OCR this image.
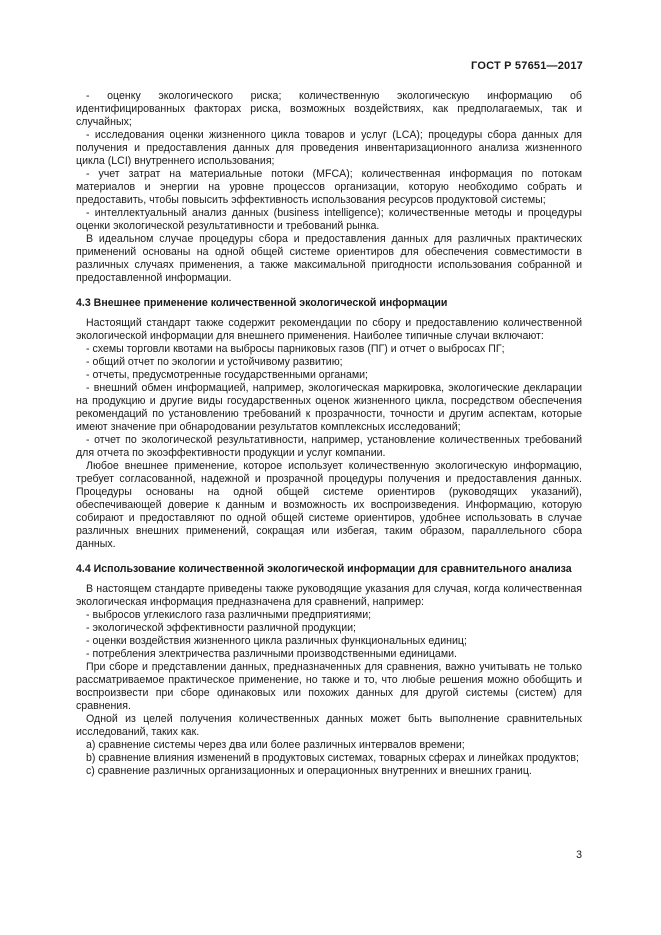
ГОСТ Р 57651—2017

- оценку экологического риска; количественную экологическую информацию об идентифицированных факторах риска, возможных воздействиях, как предполагаемых, так и случайных;

- исследования оценки жизненного цикла товаров и услуг (LCA); процедуры сбора данных для получения и предоставления данных для проведения инвентаризационного анализа жизненного цикла (LCI) внутреннего использования;

- учет затрат на материальные потоки (MFCA); количественная информация по потокам материалов и энергии на уровне процессов организации, которую необходимо собрать и предоставить, чтобы повысить эффективность использования ресурсов продуктовой системы;

- интеллектуальный анализ данных (business intelligence); количественные методы и процедуры оценки экологической результативности и требований рынка.

В идеальном случае процедуры сбора и предоставления данных для различных практических применений основаны на одной общей системе ориентиров для обеспечения совместимости в различных случаях применения, а также максимальной пригодности использования собранной и предоставленной информации.

4.3 Внешнее применение количественной экологической информации

Настоящий стандарт также содержит рекомендации по сбору и предоставлению количественной экологической информации для внешнего применения. Наиболее типичные случаи включают:

- схемы торговли квотами на выбросы парниковых газов (ПГ) и отчет о выбросах ПГ;

- общий отчет по экологии и устойчивому развитию;

- отчеты, предусмотренные государственными органами;

- внешний обмен информацией, например, экологическая маркировка, экологические декларации на продукцию и другие виды государственных оценок жизненного цикла, посредством обеспечения рекомендаций по установлению требований к прозрачности, точности и другим аспектам, которые имеют значение при обнародовании результатов комплексных исследований;

- отчет по экологической результативности, например, установление количественных требований для отчета по экоэффективности продукции и услуг компании.

Любое внешнее применение, которое использует количественную экологическую информацию, требует согласованной, надежной и прозрачной процедуры получения и предоставления данных. Процедуры основаны на одной общей системе ориентиров (руководящих указаний), обеспечивающей доверие к данным и возможность их воспроизведения. Информацию, которую собирают и предоставляют по одной общей системе ориентиров, удобнее использовать в случае различных внешних применений, сокращая или избегая, таким образом, параллельного сбора данных.

4.4 Использование количественной экологической информации для сравнительного анализа

В настоящем стандарте приведены также руководящие указания для случая, когда количественная экологическая информация предназначена для сравнений, например:

- выбросов углекислого газа различными предприятиями;

- экологической эффективности различной продукции;

- оценки воздействия жизненного цикла различных функциональных единиц;

- потребления электричества различными производственными единицами.

При сборе и представлении данных, предназначенных для сравнения, важно учитывать не только рассматриваемое практическое применение, но также и то, что любые решения можно обобщить и воспроизвести при сборе одинаковых или похожих данных для другой системы (систем) для сравнения.

Одной из целей получения количественных данных может быть выполнение сравнительных исследований, таких как.

a) сравнение системы через два или более различных интервалов времени;

b) сравнение влияния изменений в продуктовых системах, товарных сферах и линейках продуктов;

c) сравнение различных организационных и операционных внутренних и внешних границ.

3
